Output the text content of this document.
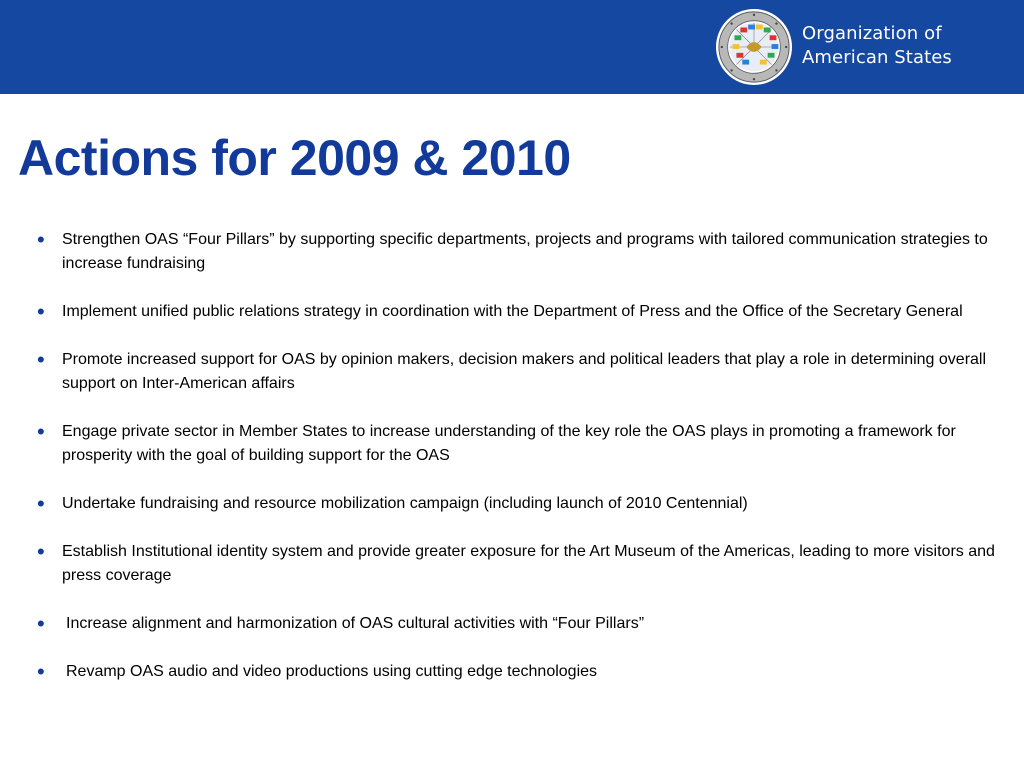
Organization of
American States
Actions for 2009 & 2010
• Strengthen OAS “Four Pillars” by supporting specific departments, projects and programs with tailored communication strategies to increase fundraising
• Implement unified public relations strategy in coordination with the Department of Press and the Office of the Secretary General
• Promote increased support for OAS by opinion makers, decision makers and political leaders that play a role in determining overall support on Inter-American affairs
• Engage private sector in Member States to increase understanding of the key role the OAS plays in promoting a framework for prosperity with the goal of building support for the OAS
• Undertake fundraising and resource mobilization campaign (including launch of 2010 Centennial)
• Establish Institutional identity system and provide greater exposure for the Art Museum of the Americas, leading to more visitors and press coverage
• Increase alignment and harmonization of OAS cultural activities with “Four Pillars”
• Revamp OAS audio and video productions using cutting edge technologies
